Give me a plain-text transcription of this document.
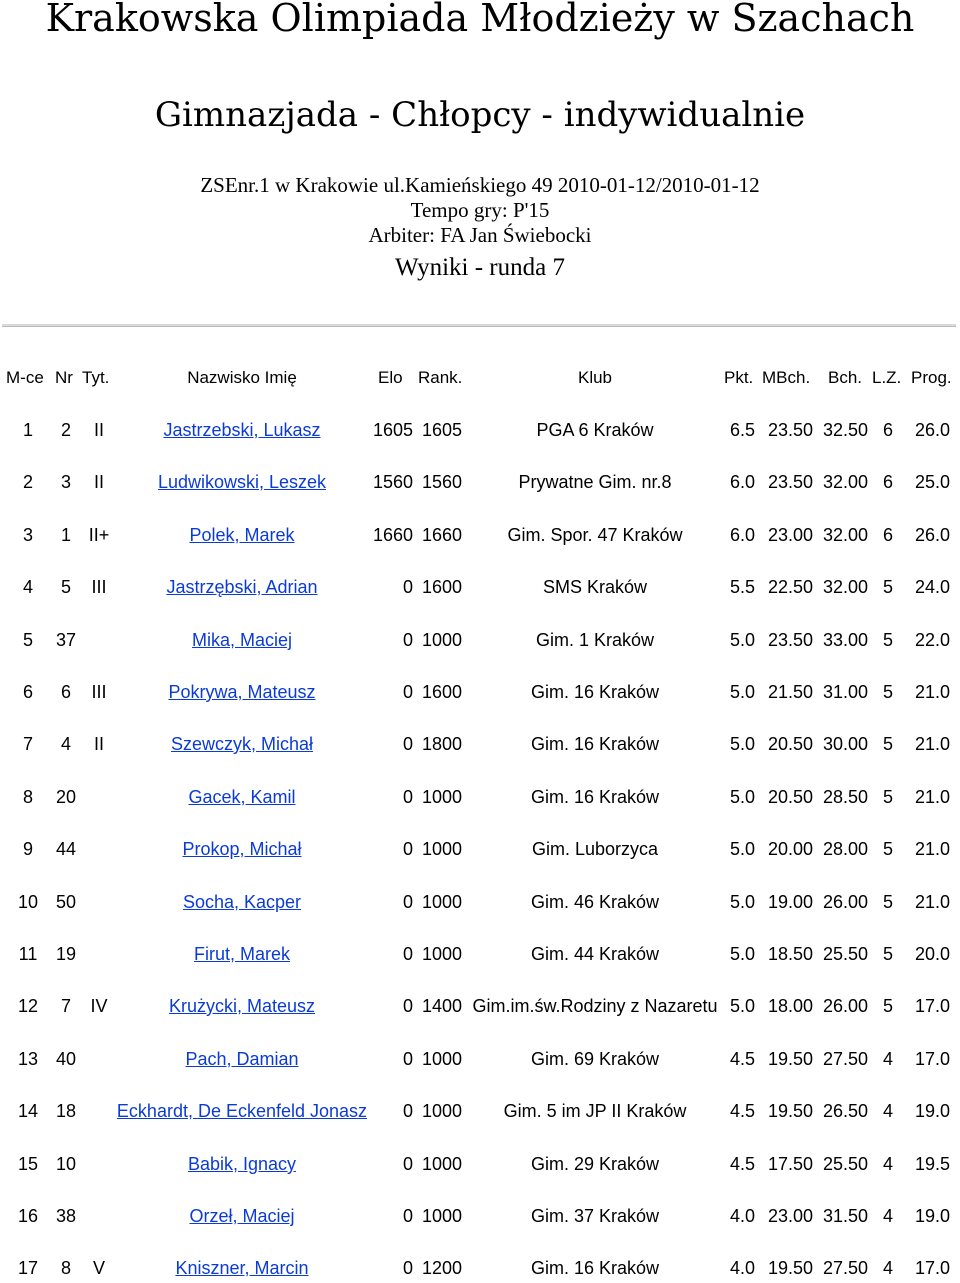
Krakowska Olimpiada Młodzieży w Szachach
Gimnazjada - Chłopcy - indywidualnie
ZSEnr.1 w Krakowie ul.Kamieńskiego 49 2010-01-12/2010-01-12
Tempo gry: P'15
Arbiter: FA Jan Świebocki
Wyniki - runda 7
M-ce Nr Tyt.	Nazwisko Imię	Elo Rank.	Klub	Pkt. MBch. Bch. L.Z. Prog.
1	2	II	Jastrzebski, Lukasz	1605 1605	PGA 6 Kraków	6.5 23.50 32.50 6	26.0
2	3	II	Ludwikowski, Leszek	1560 1560	Prywatne Gim. nr.8	6.0 23.50 32.00 6	25.0
3	1 II+	Polek, Marek	1660 1660	Gim. Spor. 47 Kraków	6.0 23.00 32.00 6	26.0
4	5	III	Jastrzębski, Adrian	0 1600	SMS Kraków	5.5 22.50 32.00 5	24.0
5	37	Mika, Maciej	0 1000	Gim. 1 Kraków	5.0 23.50 33.00 5	22.0
6	6	III	Pokrywa, Mateusz	0 1600	Gim. 16 Kraków	5.0 21.50 31.00 5	21.0
7	4	II	Szewczyk, Michał	0 1800	Gim. 16 Kraków	5.0 20.50 30.00 5	21.0
8	20	Gacek, Kamil	0 1000	Gim. 16 Kraków	5.0 20.50 28.50 5	21.0
9	44	Prokop, Michał	0 1000	Gim. Luborzyca	5.0 20.00 28.00 5	21.0
10 50	Socha, Kacper	0 1000	Gim. 46 Kraków	5.0 19.00 26.00 5	21.0
11	19	Firut, Marek	0 1000	Gim. 44 Kraków	5.0 18.50 25.50 5	20.0
12	7	IV	Krużycki, Mateusz	0 1400 Gim.im.św.Rodziny z Nazaretu 5.0 18.00 26.00 5	17.0
13 40	Pach, Damian	0 1000	Gim. 69 Kraków	4.5 19.50 27.50 4	17.0
14 18	Eckhardt, De Eckenfeld Jonasz	0 1000	Gim. 5 im JP II Kraków	4.5 19.50 26.50 4	19.0
15 10	Babik, Ignacy	0 1000	Gim. 29 Kraków	4.5 17.50 25.50 4	19.5
16 38	Orzeł, Maciej	0 1000	Gim. 37 Kraków	4.0 23.00 31.50 4	19.0
17	8	V	Kniszner, Marcin	0 1200	Gim. 16 Kraków	4.0 19.50 27.50 4	17.0
